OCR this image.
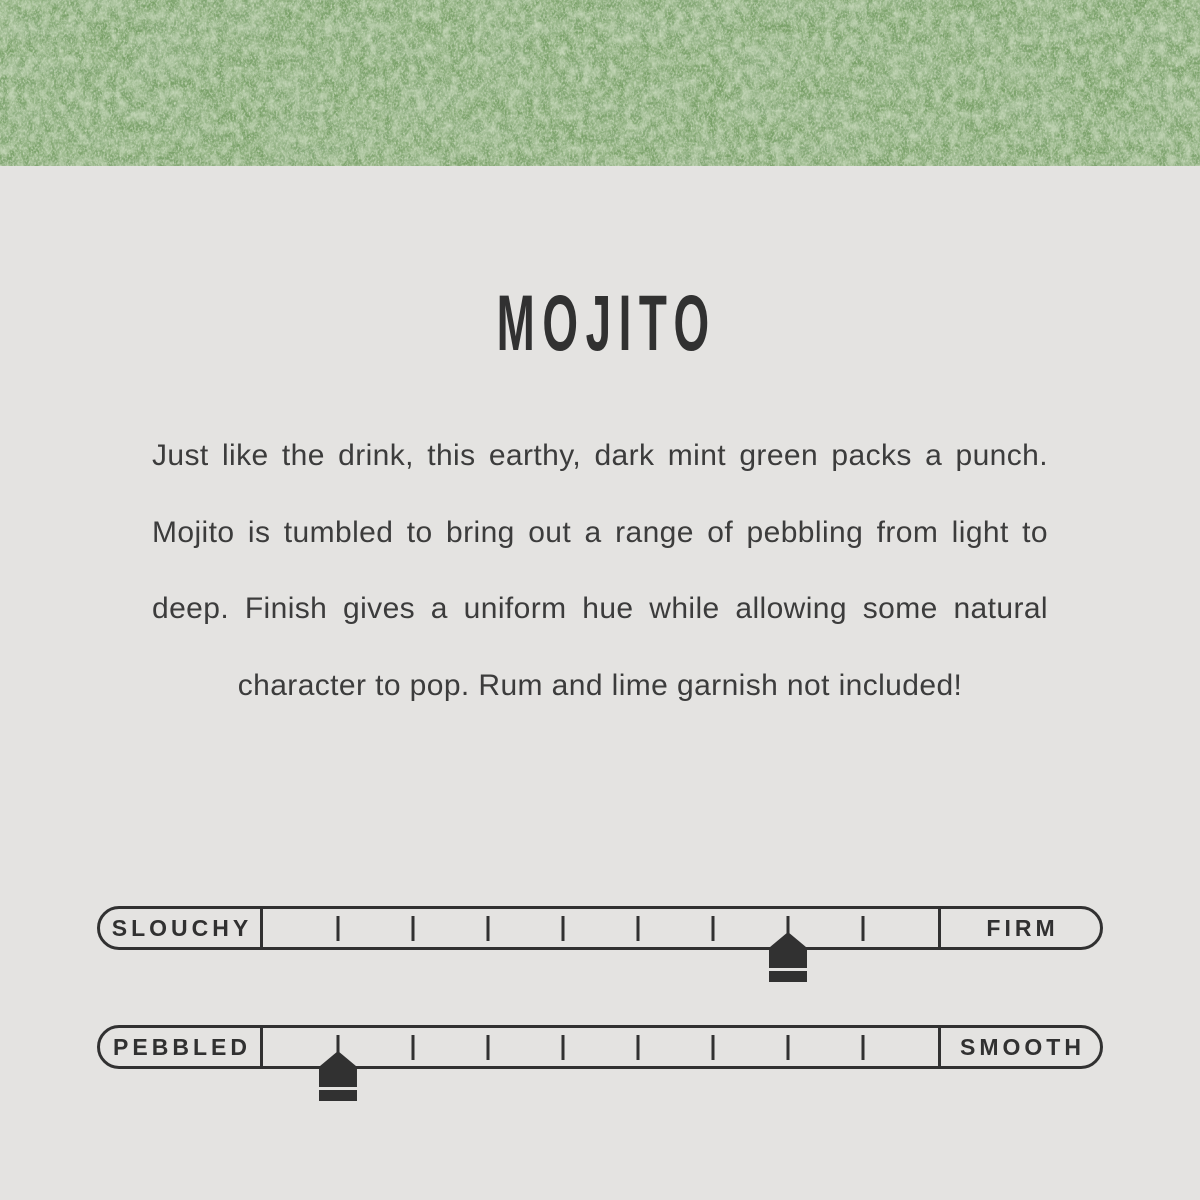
MOJITO

Just like the drink, this earthy, dark mint green packs a punch. Mojito is tumbled to bring out a range of pebbling from light to deep. Finish gives a uniform hue while allowing some natural character to pop. Rum and lime garnish not included!

SLOUCHY	FIRM
PEBBLED	SMOOTH
